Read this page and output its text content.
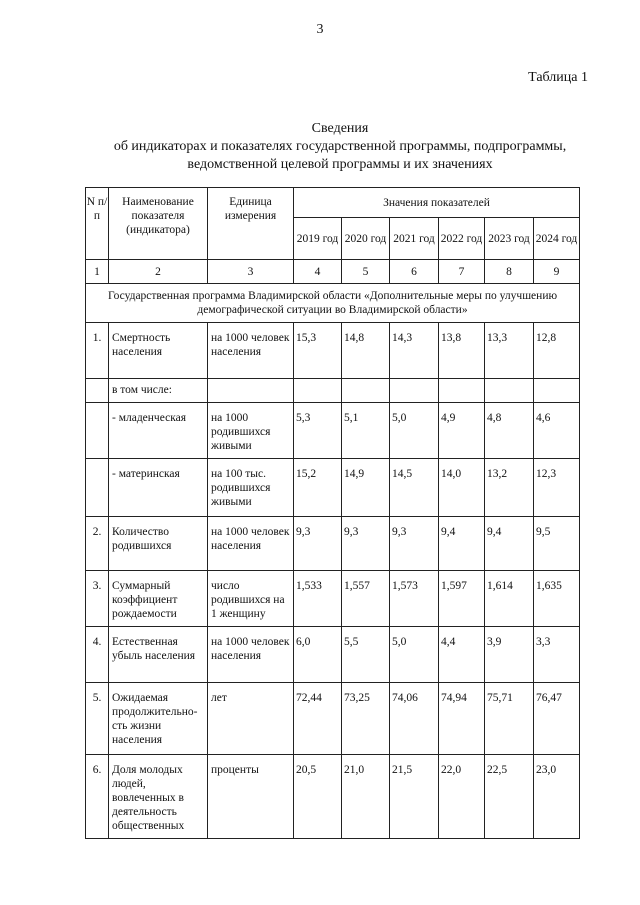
3
Таблица 1
Сведения
об индикаторах и показателях государственной программы, подпрограммы,
ведомственной целевой программы и их значениях
N п/п	Наименование показателя (индикатора)	Единица измерения	Значения показателей					
			2019 год	2020 год	2021 год	2022 год	2023 год	2024 год
1	2	3	4	5	6	7	8	9
Государственная программа Владимирской области «Дополнительные меры по улучшению демографической ситуации во Владимирской области»								
1.	Смертность населения	на 1000 человек населения	15,3	14,8	14,3	13,8	13,3	12,8
	в том числе:							
	- младенческая	на 1000 родившихся живыми	5,3	5,1	5,0	4,9	4,8	4,6
	- материнская	на 100 тыс. родившихся живыми	15,2	14,9	14,5	14,0	13,2	12,3
2.	Количество родившихся	на 1000 человек населения	9,3	9,3	9,3	9,4	9,4	9,5
3.	Суммарный коэффициент рождаемости	число родившихся на 1 женщину	1,533	1,557	1,573	1,597	1,614	1,635
4.	Естественная убыль населения	на 1000 человек населения	6,0	5,5	5,0	4,4	3,9	3,3
5.	Ожидаемая продолжительно-сть жизни населения	лет	72,44	73,25	74,06	74,94	75,71	76,47
6.	Доля молодых людей, вовлеченных в деятельность общественных	проценты	20,5	21,0	21,5	22,0	22,5	23,0
